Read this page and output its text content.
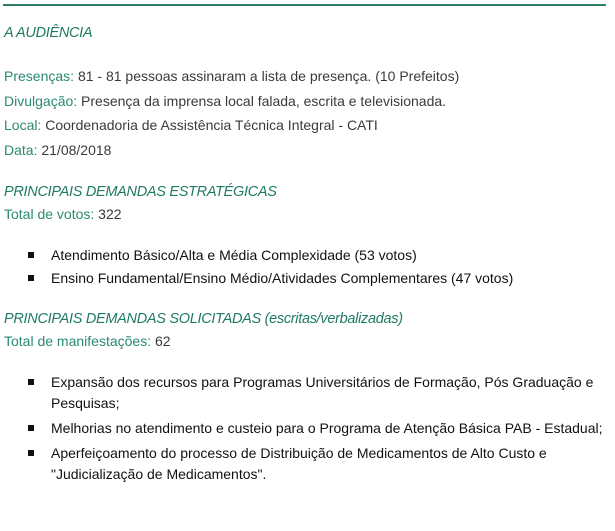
A AUDIÊNCIA
Presenças: 81 - 81 pessoas assinaram a lista de presença. (10 Prefeitos)
Divulgação: Presença da imprensa local falada, escrita e televisionada.
Local: Coordenadoria de Assistência Técnica Integral - CATI
Data: 21/08/2018
PRINCIPAIS DEMANDAS ESTRATÉGICAS
Total de votos: 322
Atendimento Básico/Alta e Média Complexidade (53 votos)
Ensino Fundamental/Ensino Médio/Atividades Complementares (47 votos)
PRINCIPAIS DEMANDAS SOLICITADAS (escritas/verbalizadas)
Total de manifestações: 62
Expansão dos recursos para Programas Universitários de Formação, Pós Graduação e Pesquisas;
Melhorias no atendimento e custeio para o Programa de Atenção Básica PAB - Estadual;
Aperfeiçoamento do processo de Distribuição de Medicamentos de Alto Custo e "Judicialização de Medicamentos".
